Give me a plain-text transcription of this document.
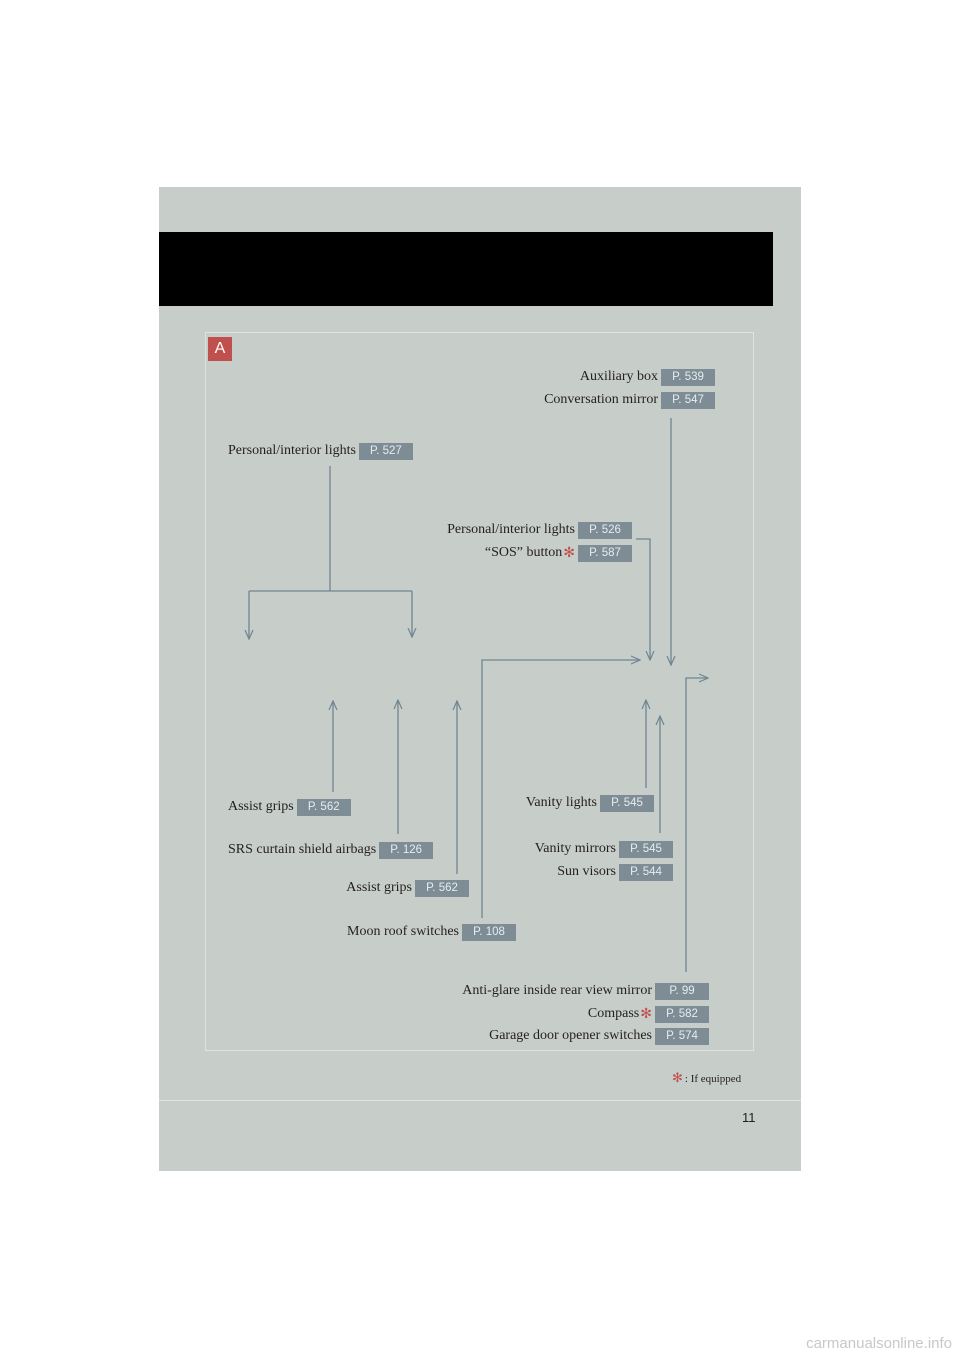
A
Auxiliary box	P. 539
Conversation mirror	P. 547
Personal/interior lights	P. 527
Personal/interior lights	P. 526
“SOS” button ✻	P. 587
Assist grips	P. 562
SRS curtain shield airbags	P. 126
Assist grips	P. 562
Moon roof switches	P. 108
Vanity lights	P. 545
Vanity mirrors	P. 545
Sun visors	P. 544
Anti-glare inside rear view mirror	P. 99
Compass ✻	P. 582
Garage door opener switches	P. 574
✻ : If equipped
11
carmanualsonline.info
